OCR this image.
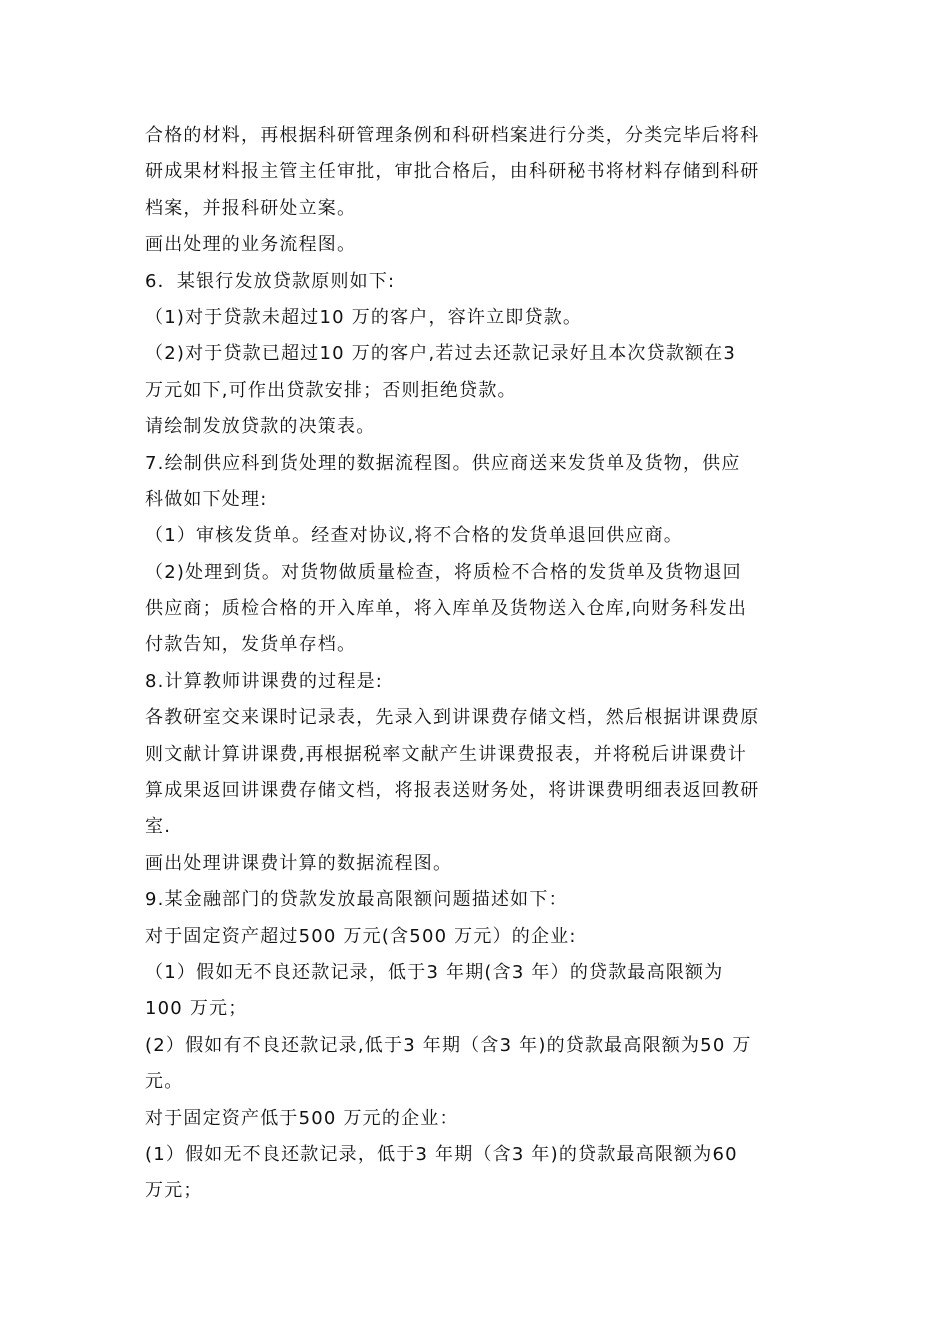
合格的材料，再根据科研管理条例和科研档案进行分类，分类完毕后将科
研成果材料报主管主任审批，审批合格后，由科研秘书将材料存储到科研
档案，并报科研处立案。
画出处理的业务流程图。
6．某银行发放贷款原则如下:
（1)对于贷款未超过10 万的客户，容许立即贷款。
（2)对于贷款已超过10 万的客户,若过去还款记录好且本次贷款额在3
万元如下,可作出贷款安排；否则拒绝贷款。
请绘制发放贷款的决策表。
7.绘制供应科到货处理的数据流程图。供应商送来发货单及货物，供应
科做如下处理:
（1）审核发货单。经查对协议,将不合格的发货单退回供应商。
（2)处理到货。对货物做质量检查，将质检不合格的发货单及货物退回
供应商；质检合格的开入库单，将入库单及货物送入仓库,向财务科发出
付款告知，发货单存档。
8.计算教师讲课费的过程是:
各教研室交来课时记录表，先录入到讲课费存储文档，然后根据讲课费原
则文献计算讲课费,再根据税率文献产生讲课费报表，并将税后讲课费计
算成果返回讲课费存储文档，将报表送财务处，将讲课费明细表返回教研
室.
画出处理讲课费计算的数据流程图。
9.某金融部门的贷款发放最高限额问题描述如下：
对于固定资产超过500 万元(含500 万元）的企业:
（1）假如无不良还款记录，低于3 年期(含3 年）的贷款最高限额为
100 万元；
(2）假如有不良还款记录,低于3 年期（含3 年)的贷款最高限额为50 万
元。
对于固定资产低于500 万元的企业：
(1）假如无不良还款记录，低于3 年期（含3 年)的贷款最高限额为60
万元；
